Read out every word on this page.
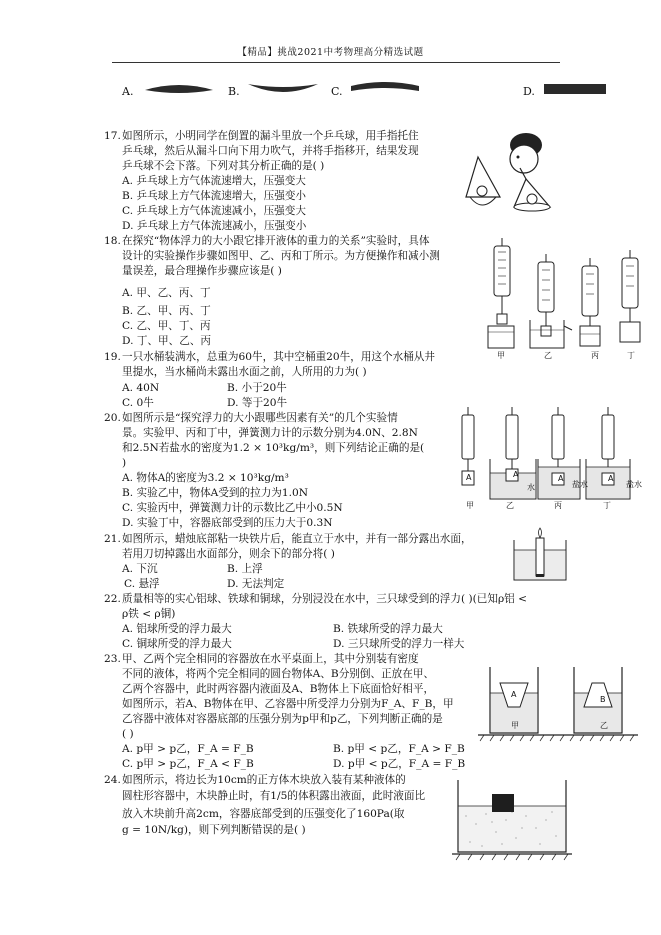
【精品】挑战2021中考物理高分精选试题
A.	B.	C.	D.
17. 如图所示，小明同学在倒置的漏斗里放一个乒乓球，用手指托住
乒乓球，然后从漏斗口向下用力吹气，并将手指移开，结果发现
乒乓球不会下落。下列对其分析正确的是( )
A. 乒乓球上方气体流速增大，压强变大
B. 乒乓球上方气体流速增大，压强变小
C. 乒乓球上方气体流速减小，压强变大
D. 乒乓球上方气体流速减小，压强变小
18. 在探究“物体浮力的大小跟它排开液体的重力的关系”实验时，具体
设计的实验操作步骤如图甲、乙、丙和丁所示。为方便操作和减小测
量误差，最合理操作步骤应该是( )
A. 甲、乙、丙、丁
B. 乙、甲、丙、丁
C. 乙、甲、丁、丙
D. 丁、甲、乙、丙
甲	乙	丙	丁
19. 一只水桶装满水，总重为60牛，其中空桶重20牛，用这个水桶从井
里提水，当水桶尚未露出水面之前，人所用的力为( )
A. 40N	B. 小于20牛
C. 0牛	D. 等于20牛
20. 如图所示是“探究浮力的大小跟哪些因素有关”的几个实验情
景。实验甲、丙和丁中，弹簧测力计的示数分别为4.0N、2.8N
和2.5N若盐水的密度为1.2 × 10³kg/m³，则下列结论正确的是(
)
A. 物体A的密度为3.2 × 10³kg/m³
B. 实验乙中，物体A受到的拉力为1.0N
C. 实验丙中，弹簧测力计的示数比乙中小0.5N
D. 实验丁中，容器底部受到的压力大于0.3N
A	A	A	A
水	盐水	盐水
甲	乙	丙	丁
21. 如图所示，蜡烛底部粘一块铁片后，能直立于水中，并有一部分露出水面，
若用刀切掉露出水面部分，则余下的部分将( )
A. 下沉	B. 上浮
C. 悬浮	D. 无法判定
22. 质量相等的实心铝球、铁球和铜球，分别浸没在水中，三只球受到的浮力( )(已知ρ铝 <
ρ铁 < ρ铜)
A. 铝球所受的浮力最大	B. 铁球所受的浮力最大
C. 铜球所受的浮力最大	D. 三只球所受的浮力一样大
23. 甲、乙两个完全相同的容器放在水平桌面上，其中分别装有密度
不同的液体，将两个完全相同的圆台物体A、B分别倒、正放在甲、
乙两个容器中，此时两容器内液面及A、B物体上下底面恰好相平，
如图所示，若A、B物体在甲、乙容器中所受浮力分别为F_A、F_B，甲
乙容器中液体对容器底部的压强分别为p甲和p乙，下列判断正确的是
( )
A. p甲 > p乙，F_A = F_B	B. p甲 < p乙，F_A > F_B
C. p甲 > p乙，F_A < F_B	D. p甲 < p乙，F_A = F_B
A
B
甲	乙
24. 如图所示，将边长为10cm的正方体木块放入装有某种液体的
圆柱形容器中，木块静止时，有1/5的体积露出液面，此时液面比
放入木块前升高2cm，容器底部受到的压强变化了160Pa(取
g = 10N/kg)，则下列判断错误的是( )
